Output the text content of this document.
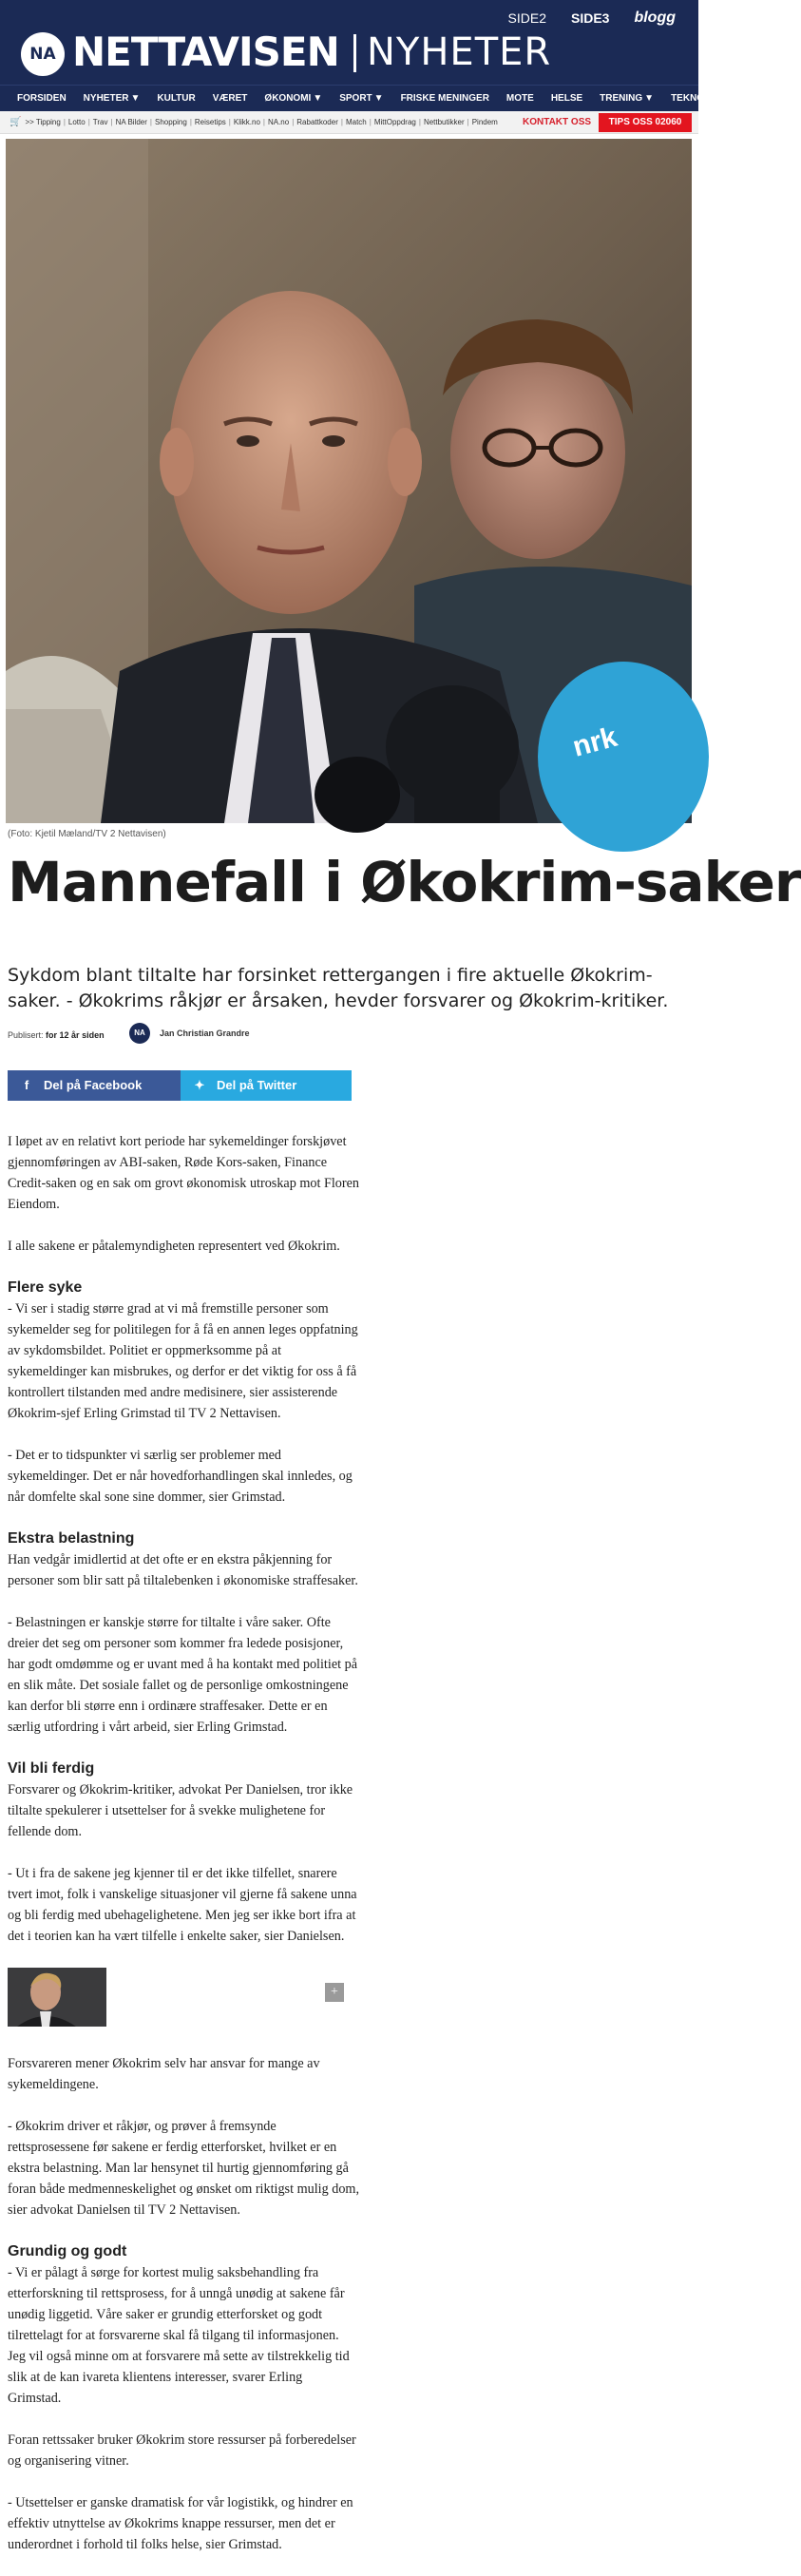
NA NETTAVISEN NYHETER
SIDE2 SIDE3 blogg
FORSIDEN NYHETER ▼ KULTUR VÆRET ØKONOMI ▼ SPORT ▼ FRISKE MENINGER MOTE HELSE TRENING ▼ TEKNOLOGI BIL/MOTOR
🛒 >> Tipping | Lotto | Trav | NA Bilder | Shopping | Reisetips | Klikk.no | NA.no | Rabattkoder | Match | MittOppdrag | Nettbutikker | Pindem	KONTAKT OSS	TIPS OSS 02060
nrk
(Foto: Kjetil Mæland/TV 2 Nettavisen)
Mannefall i Økokrim-saker
Sykdom blant tiltalte har forsinket rettergangen i fire aktuelle Økokrim-saker. - Økokrims råkjør er årsaken, hevder forsvarer og Økokrim-kritiker.
Publisert: for 12 år siden	NA	Jan Christian Grandre
f Del på Facebook	✦ Del på Twitter

I løpet av en relativt kort periode har sykemeldinger forskjøvet gjennomføringen av ABI-saken, Røde Kors-saken, Finance Credit-saken og en sak om grovt økonomisk utroskap mot Floren Eiendom.

I alle sakene er påtalemyndigheten representert ved Økokrim.

Flere syke

- Vi ser i stadig større grad at vi må fremstille personer som sykemelder seg for politilegen for å få en annen leges oppfatning av sykdomsbildet. Politiet er oppmerksomme på at sykemeldinger kan misbrukes, og derfor er det viktig for oss å få kontrollert tilstanden med andre medisinere, sier assisterende Økokrim-sjef Erling Grimstad til TV 2 Nettavisen.

- Det er to tidspunkter vi særlig ser problemer med sykemeldinger. Det er når hovedforhandlingen skal innledes, og når domfelte skal sone sine dommer, sier Grimstad.

Ekstra belastning

Han vedgår imidlertid at det ofte er en ekstra påkjenning for personer som blir satt på tiltalebenken i økonomiske straffesaker.

- Belastningen er kanskje større for tiltalte i våre saker. Ofte dreier det seg om personer som kommer fra ledede posisjoner, har godt omdømme og er uvant med å ha kontakt med politiet på en slik måte. Det sosiale fallet og de personlige omkostningene kan derfor bli større enn i ordinære straffesaker. Dette er en særlig utfordring i vårt arbeid, sier Erling Grimstad.

Vil bli ferdig

Forsvarer og Økokrim-kritiker, advokat Per Danielsen, tror ikke tiltalte spekulerer i utsettelser for å svekke mulighetene for fellende dom.

- Ut i fra de sakene jeg kjenner til er det ikke tilfellet, snarere tvert imot, folk i vanskelige situasjoner vil gjerne få sakene unna og bli ferdig med ubehagelighetene. Men jeg ser ikke bort ifra at det i teorien kan ha vært tilfelle i enkelte saker, sier Danielsen.

+

Forsvareren mener Økokrim selv har ansvar for mange av sykemeldingene.

- Økokrim driver et råkjør, og prøver å fremsynde rettsprosessene før sakene er ferdig etterforsket, hvilket er en ekstra belastning. Man lar hensynet til hurtig gjennomføring gå foran både medmenneskelighet og ønsket om riktigst mulig dom, sier advokat Danielsen til TV 2 Nettavisen.

Grundig og godt

- Vi er pålagt å sørge for kortest mulig saksbehandling fra etterforskning til rettsprosess, for å unngå unødig at sakene får unødig liggetid. Våre saker er grundig etterforsket og godt tilrettelagt for at forsvarerne skal få tilgang til informasjonen. Jeg vil også minne om at forsvarere må sette av tilstrekkelig tid slik at de kan ivareta klientens interesser, svarer Erling Grimstad.

Foran rettssaker bruker Økokrim store ressurser på forberedelser og organisering vitner.

- Utsettelser er ganske dramatisk for vår logistikk, og hindrer en effektiv utnyttelse av Økokrims knappe ressurser, men det er underordnet i forhold til folks helse, sier Grimstad.
